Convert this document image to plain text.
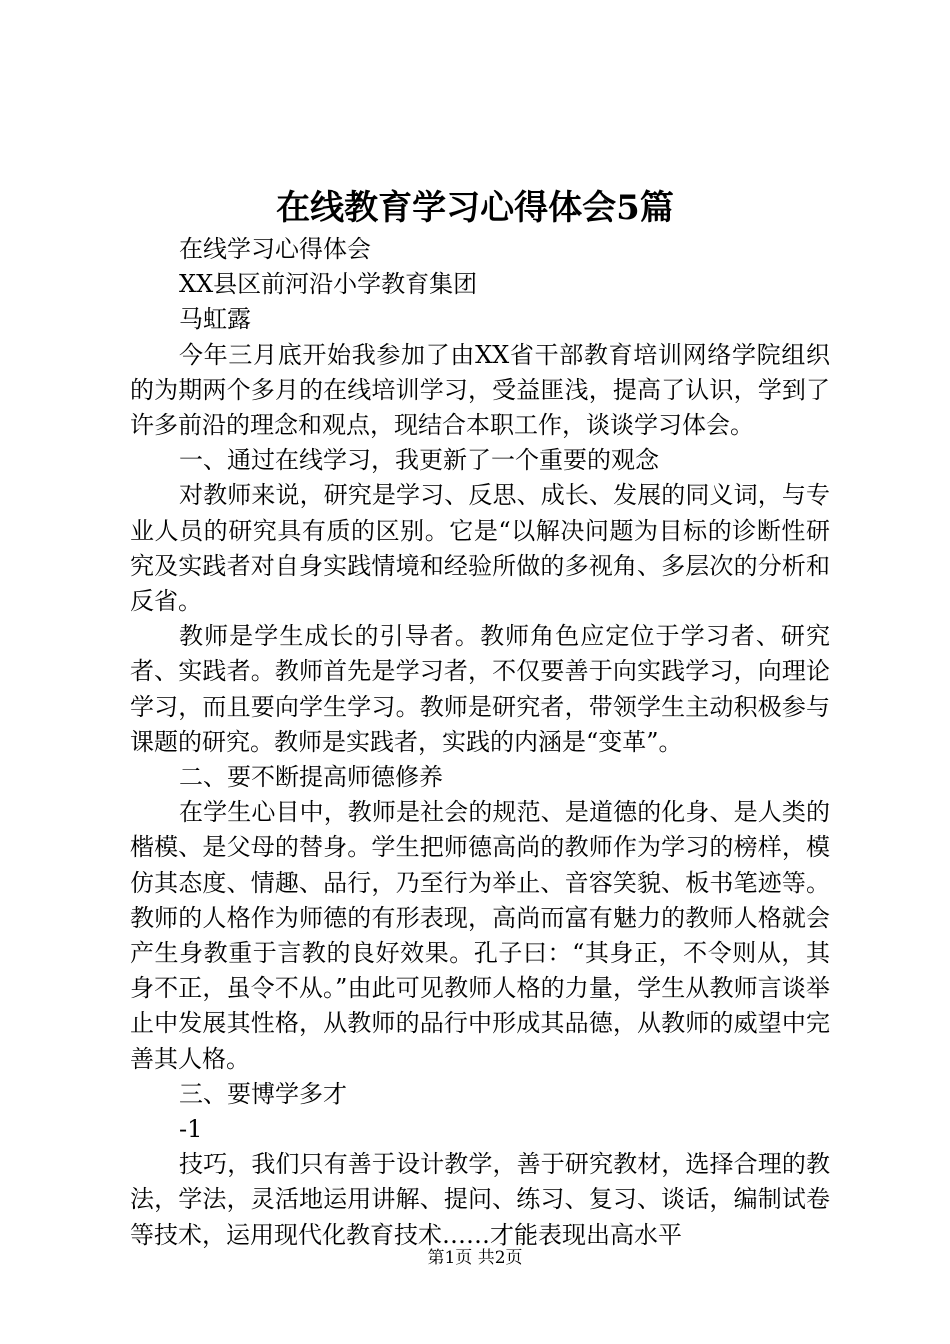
在线教育学习心得体会5篇
在线学习心得体会
XX县区前河沿小学教育集团
马虹露
今年三月底开始我参加了由XX省干部教育培训网络学院组织的为期两个多月的在线培训学习，受益匪浅，提高了认识，学到了许多前沿的理念和观点，现结合本职工作，谈谈学习体会。
一、通过在线学习，我更新了一个重要的观念
对教师来说，研究是学习、反思、成长、发展的同义词，与专业人员的研究具有质的区别。它是“以解决问题为目标的诊断性研究及实践者对自身实践情境和经验所做的多视角、多层次的分析和反省。
教师是学生成长的引导者。教师角色应定位于学习者、研究者、实践者。教师首先是学习者，不仅要善于向实践学习，向理论学习，而且要向学生学习。教师是研究者，带领学生主动积极参与课题的研究。教师是实践者，实践的内涵是“变革”。
二、要不断提高师德修养
在学生心目中，教师是社会的规范、是道德的化身、是人类的楷模、是父母的替身。学生把师德高尚的教师作为学习的榜样，模仿其态度、情趣、品行，乃至行为举止、音容笑貌、板书笔迹等。教师的人格作为师德的有形表现，高尚而富有魅力的教师人格就会产生身教重于言教的良好效果。孔子曰：“其身正，不令则从，其身不正，虽令不从。”由此可见教师人格的力量，学生从教师言谈举止中发展其性格，从教师的品行中形成其品德，从教师的威望中完善其人格。
三、要博学多才
-1
技巧，我们只有善于设计教学，善于研究教材，选择合理的教法，学法，灵活地运用讲解、提问、练习、复习、谈话，编制试卷等技术，运用现代化教育技术……才能表现出高水平
第1页 共2页
